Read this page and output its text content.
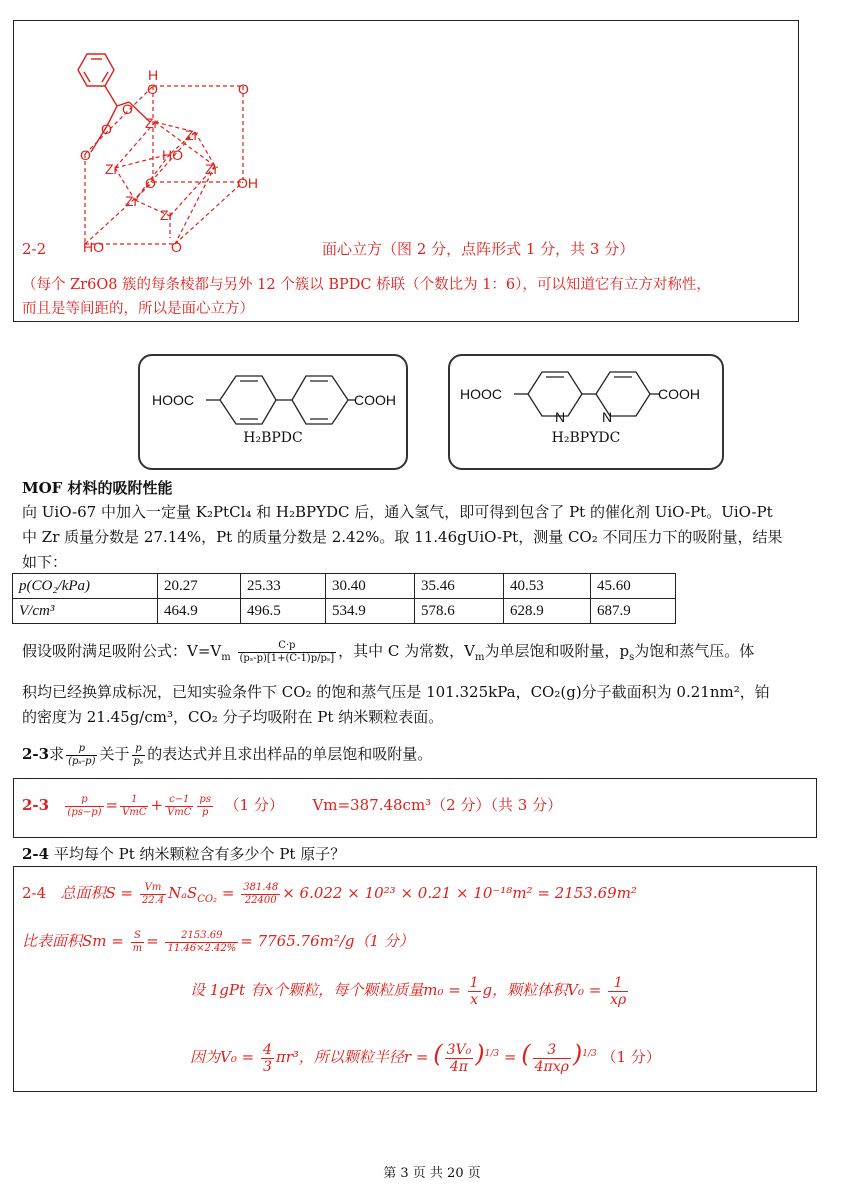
H
O	O
O
O Zr
Zr
O	HO
Zr	Zr
O	OH
Zr
Zr
HO	O
2-2	面心立方（图 2 分，点阵形式 1 分，共 3 分）
（每个 Zr6O8 簇的每条棱都与另外 12 个簇以 BPDC 桥联（个数比为 1：6），可以知道它有立方对称性，
而且是等间距的，所以是面心立方）
HOOC	COOH
H₂BPDC
HOOC	COOH
N	N
H₂BPYDC
MOF 材料的吸附性能
向 UiO-67 中加入一定量 K₂PtCl₄ 和 H₂BPYDC 后，通入氢气，即可得到包含了 Pt 的催化剂 UiO-Pt。UiO-Pt
中 Zr 质量分数是 27.14%，Pt 的质量分数是 2.42%。取 11.46gUiO-Pt，测量 CO₂ 不同压力下的吸附量，结果
如下：
p(CO₂/kPa)	20.27	25.33	30.40	35.46	40.53	45.60
V/cm³	464.9	496.5	534.9	578.6	628.9	687.9
假设吸附满足吸附公式：$V=V_m \frac{C\cdot p}{\text{(pₛ-p)[1+(C-1)p/pₛ]}}$ ，其中 C 为常数，$V_m$为单层饱和吸附量，$p_s$为饱和蒸气压。体
积均已经换算成标况，已知实验条件下 CO₂ 的饱和蒸气压是 101.325kPa，CO₂(g)分子截面积为 0.21nm²，铂
的密度为 21.45g/cm³，CO₂ 分子均吸附在 Pt 纳米颗粒表面。
2-3求 $\frac{p}{\text{(pₛ-p)}}$ 关于 $\frac{p}{\text{pₛ}}$ 的表达式并且求出样品的单层饱和吸附量。
$2-3 \frac{p}{(ps-p)} = \frac{1}{\text{VmC}} + \frac{c-1}{\text{VmC}} \frac{ps}{p} (1$ 分） Vm=387.48cm³（2 分）（共 3 分）
2-4 平均每个 Pt 纳米颗粒含有多少个 Pt 原子？
2-4 总面积$S = \frac{Vm}{22.4} N_aS_{CO_2} = \frac{381.48}{22400} \times 6.022 \times 10^{23} \times 0.21 \times 10^{-18}m^2 = 2153.69m^2$
比表面积$Sm = \frac{S}{m} = \frac{2153.69}{11.46\times 2.42\%} = 7765.76m^2/g(1$ 分）
设 1gPt 有x个颗粒，每个颗粒质量$m_0 = \frac{1}{x}$ g，颗粒体积$V_0 = \frac{1}{x\rho}$
因为$V_0 = \frac{4}{3} \pi r^3$，所以颗粒半径r = ( $\frac{\text{3V₀}}{4\pi} )^{1/3}$ = ( $\frac{3}{\text{4πxρ}} )^{1/3}$ （1 分）
第 3 页 共 20 页
